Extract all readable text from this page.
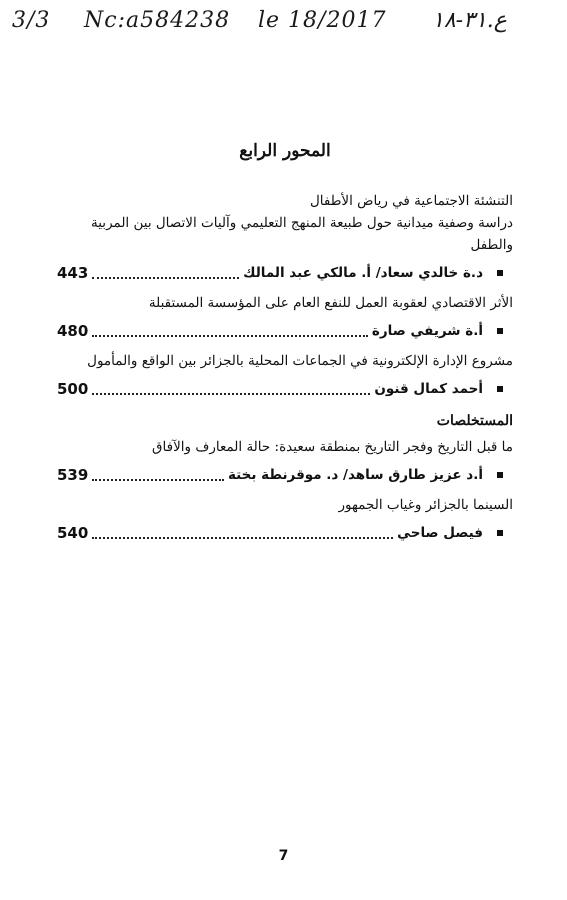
3/3 Nc:a584238 le 18/2017 ع.٣١-١٨
المحور الرابع

التنشئة الاجتماعية في رياض الأطفال

دراسة وصفية ميدانية حول طبيعة المنهج التعليمي وآليات الاتصال بين المربية

والطفل

د.ة خالدي سعاد/ أ. مالكي عبد المالك
443

الأثر الاقتصادي لعقوبة العمل للنفع العام على المؤسسة المستقبلة

أ.ة شريفي صارة
480

مشروع الإدارة الإلكترونية في الجماعات المحلية بالجزائر بين الواقع والمأمول

أحمد كمال قنون
500
المستخلصات

ما قبل التاريخ وفجر التاريخ بمنطقة سعيدة: حالة المعارف والآفاق

أ.د عزيز طارق ساهد/ د. موقرنطة بختة
539

السينما بالجزائر وغياب الجمهور

فيصل صاحي
540
7
